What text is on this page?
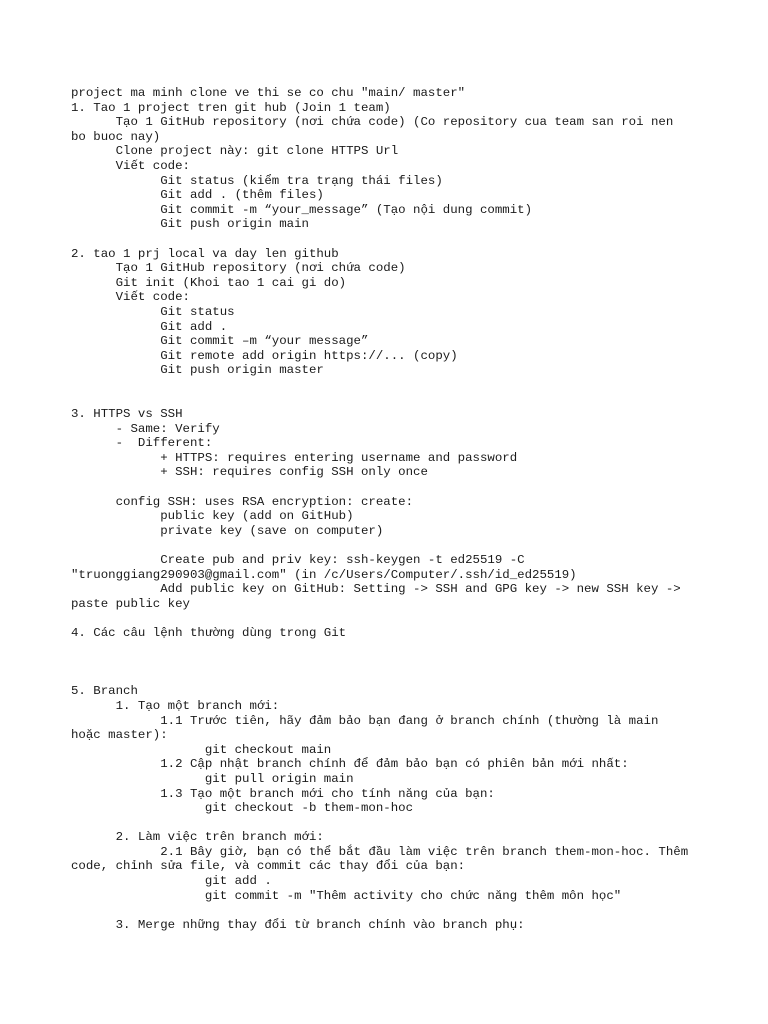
project ma minh clone ve thi se co chu "main/ master"
1. Tao 1 project tren git hub (Join 1 team)
Tạo 1 GitHub repository (nơi chứa code) (Co repository cua team san roi nen
bo buoc nay)
Clone project này: git clone HTTPS Url
Viết code:
Git status (kiểm tra trạng thái files)
Git add . (thêm files)
Git commit -m “your_message” (Tạo nội dung commit)
Git push origin main
2. tao 1 prj local va day len github
Tạo 1 GitHub repository (nơi chứa code)
Git init (Khoi tao 1 cai gi do)
Viết code:
Git status
Git add .
Git commit –m “your message”
Git remote add origin https://... (copy)
Git push origin master
3. HTTPS vs SSH
- Same: Verify
-  Different:
+ HTTPS: requires entering username and password
+ SSH: requires config SSH only once
config SSH: uses RSA encryption: create:
public key (add on GitHub)
private key (save on computer)
Create pub and priv key: ssh-keygen -t ed25519 -C
"truonggiang290903@gmail.com" (in /c/Users/Computer/.ssh/id_ed25519)
Add public key on GitHub: Setting -> SSH and GPG key -> new SSH key ->
paste public key
4. Các câu lệnh thường dùng trong Git
5. Branch
1. Tạo một branch mới:
1.1 Trước tiên, hãy đảm bảo bạn đang ở branch chính (thường là main
hoặc master):
git checkout main
1.2 Cập nhật branch chính để đảm bảo bạn có phiên bản mới nhất:
git pull origin main
1.3 Tạo một branch mới cho tính năng của bạn:
git checkout -b them-mon-hoc
2. Làm việc trên branch mới:
2.1 Bây giờ, bạn có thể bắt đầu làm việc trên branch them-mon-hoc. Thêm
code, chỉnh sửa file, và commit các thay đổi của bạn:
git add .
git commit -m "Thêm activity cho chức năng thêm môn học"
3. Merge những thay đổi từ branch chính vào branch phụ:
